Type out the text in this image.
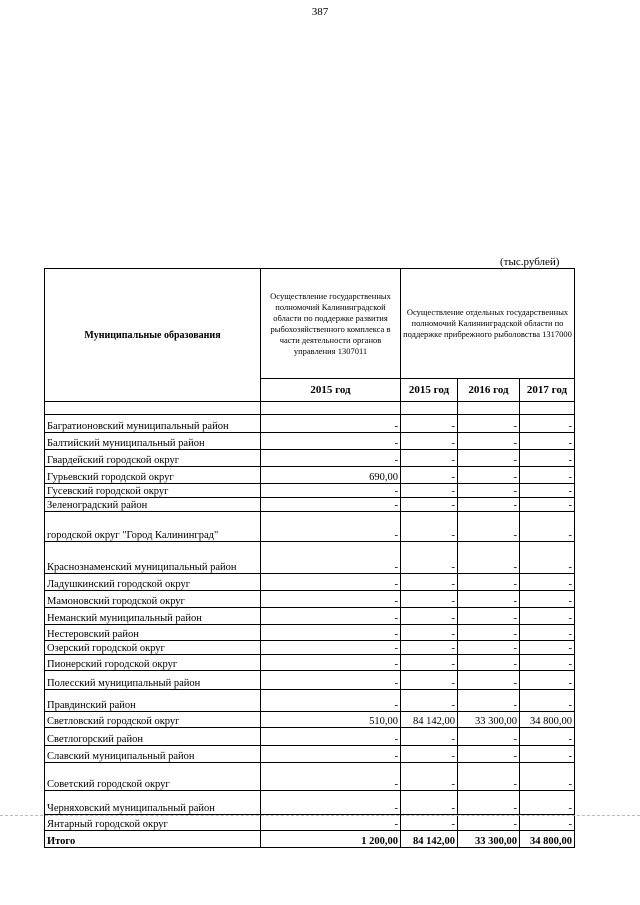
387
(тыс.рублей)
Муниципальные образования	Осуществление государственных полномочий Калининградской области по поддержке развития рыбохозяйственного комплекса в части деятельности органов управления 1307011	Осуществление отдельных государственных полномочий Калининградской области по поддержке прибрежного рыболовства 1317000		
	2015 год	2015 год	2016 год	2017 год

Багратионовский муниципальный район	-	-	-	-
Балтийский муниципальный район	-	-	-	-
Гвардейский городской округ	-	-	-	-
Гурьевский городской округ	690,00	-	-	-
Гусевский городской округ	-	-	-	-
Зеленоградский район	-	-	-	-
городской округ "Город Калининград"	-	-	-	-
Краснознаменский муниципальный район	-	-	-	-
Ладушкинский городской округ	-	-	-	-
Мамоновский городской округ	-	-	-	-
Неманский муниципальный район	-	-	-	-
Нестеровский район	-	-	-	-
Озерский городской округ	-	-	-	-
Пионерский городской округ	-	-	-	-
Полесский муниципальный район	-	-	-	-
Правдинский район	-	-	-	-
Светловский городской округ	510,00	84 142,00	33 300,00	34 800,00
Светлогорский район	-	-	-	-
Славский муниципальный район	-	-	-	-
Советский городской округ	-	-	-	-
Черняховский муниципальный район	-	-	-	-
Янтарный городской округ	-	-	-	-
Итого	1 200,00	84 142,00	33 300,00	34 800,00
